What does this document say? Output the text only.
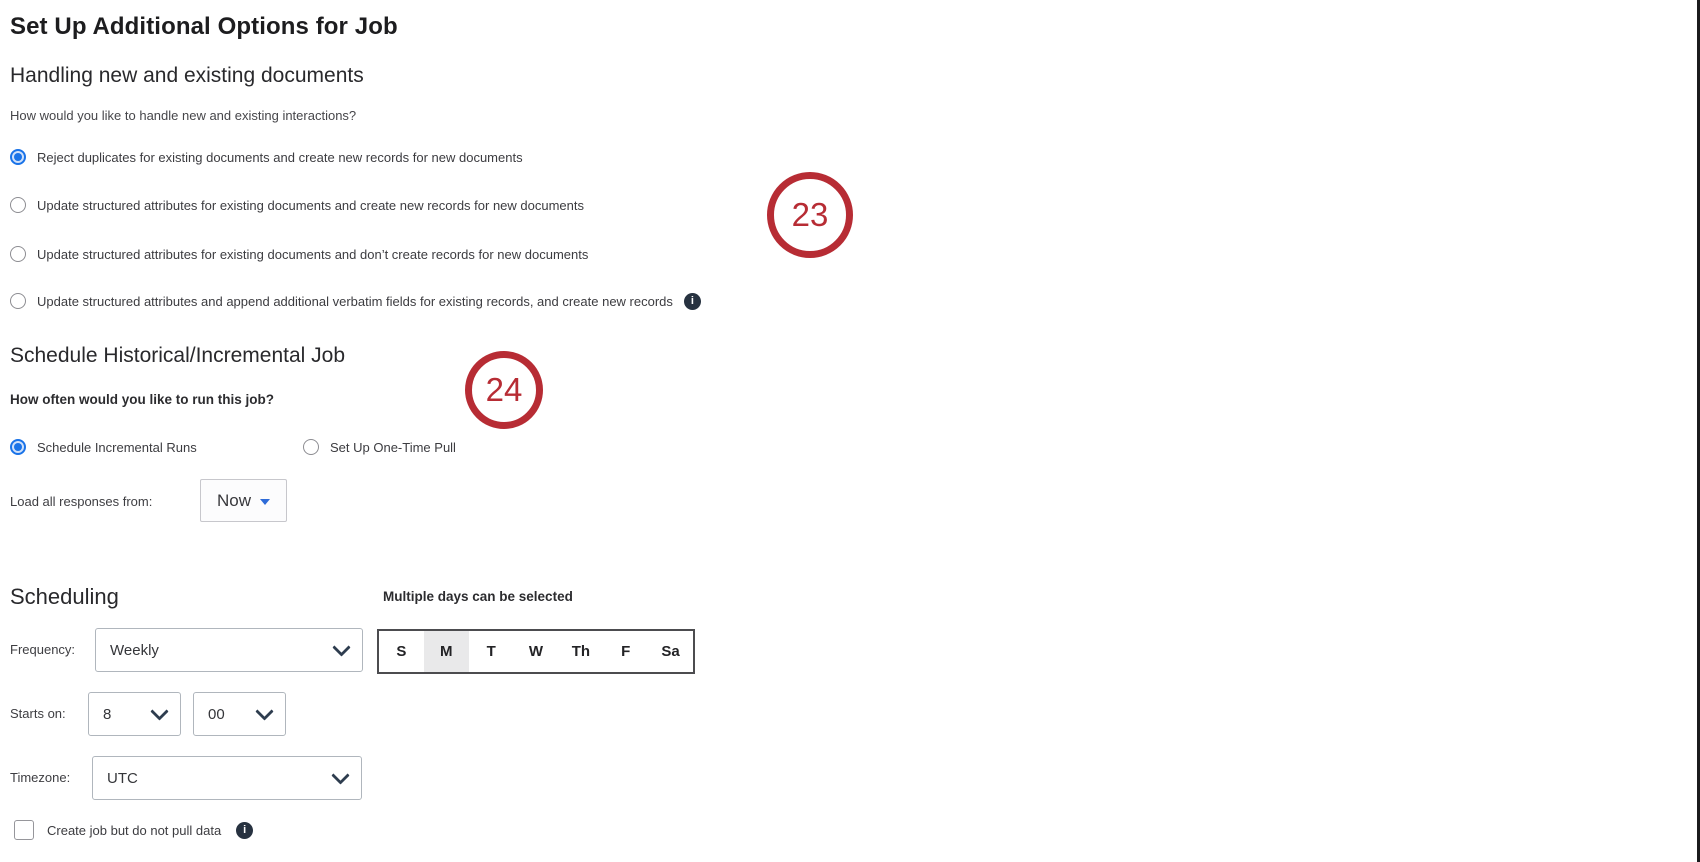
Set Up Additional Options for Job
Handling new and existing documents
How would you like to handle new and existing interactions?
Reject duplicates for existing documents and create new records for new documents
Update structured attributes for existing documents and create new records for new documents
Update structured attributes for existing documents and don’t create records for new documents
Update structured attributes and append additional verbatim fields for existing records, and create new records	i
23
Schedule Historical/Incremental Job
24
How often would you like to run this job?
Schedule Incremental Runs	Set Up One-Time Pull
Load all responses from:	Now
Scheduling	Multiple days can be selected
Frequency: Weekly	S	M	T	W	Th	F	Sa
Starts on: 8	00
Timezone: UTC
Create job but do not pull data	i
